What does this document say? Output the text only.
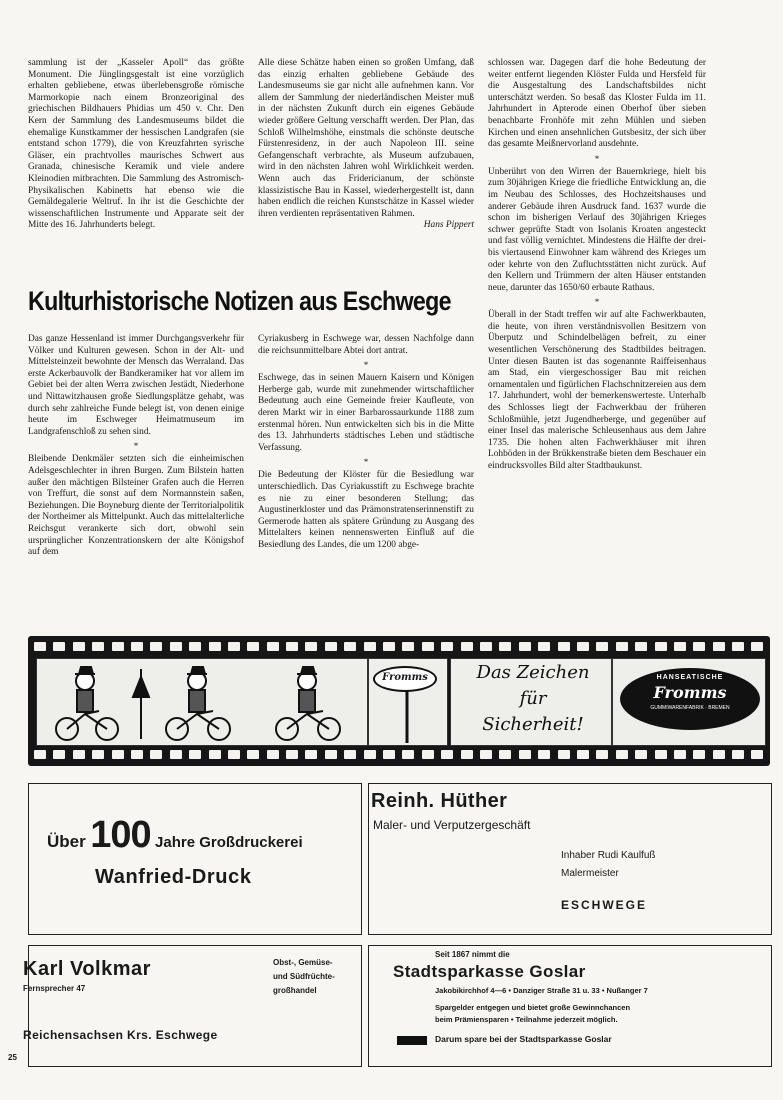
sammlung ist der „Kasseler Apoll“ das größte Monument. Die Jünglingsgestalt ist eine vorzüglich erhalten gebliebene, etwas überlebensgroße römische Marmorkopie nach einem Bronzeoriginal des griechischen Bildhauers Phidias um 450 v. Chr. Den Kern der Sammlung des Landesmuseums bildet die ehemalige Kunstkammer der hessischen Landgrafen (sie entstand schon 1779), die von Kreuzfahrten syrische Gläser, ein prachtvolles maurisches Schwert aus Granada, chinesische Keramik und viele andere Kleinodien mitbrachten. Die Sammlung des Astromisch-Physikalischen Kabinetts hat ebenso wie die Gemäldegalerie Weltruf. In ihr ist die Geschichte der wissenschaftlichen Instrumente und Apparate seit der Mitte des 16. Jahrhunderts belegt.

Alle diese Schätze haben einen so großen Umfang, daß das einzig erhalten gebliebene Gebäude des Landesmuseums sie gar nicht alle aufnehmen kann. Vor allem der Sammlung der niederländischen Meister muß in der nächsten Zukunft durch ein eigenes Gebäude wieder größere Geltung verschafft werden. Der Plan, das Schloß Wilhelmshöhe, einstmals die schönste deutsche Fürstenresidenz, in der auch Napoleon III. seine Gefangenschaft verbrachte, als Museum aufzubauen, wird in den nächsten Jahren wohl Wirklichkeit werden. Wenn auch das Fridericianum, der schönste klassizistische Bau in Kassel, wiederhergestellt ist, dann haben endlich die reichen Kunstschätze in Kassel wieder ihren verdienten repräsentativen Rahmen.

Hans Pippert

Kulturhistorische Notizen aus Eschwege

Das ganze Hessenland ist immer Durchgangsverkehr für Völker und Kulturen gewesen. Schon in der Alt- und Mittelsteinzeit bewohnte der Mensch das Werraland. Das erste Ackerbauvolk der Bandkeramiker hat vor allem im Gebiet bei der alten Werra zwischen Jestädt, Niederhone und Nittawitzhausen große Siedlungsplätze gehabt, was durch sehr zahlreiche Funde belegt ist, von denen einige heute im Eschweger Heimatmuseum im Landgrafenschloß zu sehen sind.

*

Bleibende Denkmäler setzten sich die einheimischen Adelsgeschlechter in ihren Burgen. Zum Bilstein hatten außer den mächtigen Bilsteiner Grafen auch die Herren von Treffurt, die sonst auf dem Normannstein saßen, Beziehungen. Die Boyneburg diente der Territorialpolitik der Northeimer als Mittelpunkt. Auch das mittelalterliche Reichsgut verankerte sich dort, obwohl sein ursprünglicher Konzentrationskern der alte Königshof auf dem

Cyriakusberg in Eschwege war, dessen Nachfolge dann die reichsunmittelbare Abtei dort antrat.

*

Eschwege, das in seinen Mauern Kaisern und Königen Herberge gab, wurde mit zunehmender wirtschaftlicher Bedeutung auch eine Gemeinde freier Kaufleute, von deren Markt wir in einer Barbarossaurkunde 1188 zum erstenmal hören. Nun entwickelten sich bis in die Mitte des 13. Jahrhunderts städtisches Leben und städtische Verfassung.

*

Die Bedeutung der Klöster für die Besiedlung war unterschiedlich. Das Cyriakusstift zu Eschwege brachte es nie zu einer besonderen Stellung; das Augustinerkloster und das Prämonstratenserinnenstift zu Germerode hatten als spätere Gründung zu Ausgang des Mittelalters keinen nennenswerten Einfluß auf die Besiedlung des Landes, die um 1200 abge-

schlossen war. Dagegen darf die hohe Bedeutung der weiter entfernt liegenden Klöster Fulda und Hersfeld für die Ausgestaltung des Landschaftsbildes nicht unterschätzt werden. So besaß das Kloster Fulda im 11. Jahrhundert in Apterode einen Oberhof über sieben benachbarte Fronhöfe mit zehn Mühlen und sieben Kirchen und einen ansehnlichen Gutsbesitz, der sich über das gesamte Meißnervorland ausdehnte.

*

Unberührt von den Wirren der Bauernkriege, hielt bis zum 30jährigen Kriege die friedliche Entwicklung an, die im Neubau des Schlosses, des Hochzeitshauses und anderer Gebäude ihren Ausdruck fand. 1637 wurde die schon im bisherigen Verlauf des 30jährigen Krieges schwer geprüfte Stadt von Isolanis Kroaten angesteckt und fast völlig vernichtet. Mindestens die Hälfte der drei- bis viertausend Einwohner kam während des Krieges um oder kehrte von den Zufluchtsstätten nicht zurück. Auf den Kellern und Trümmern der alten Häuser entstanden neue, darunter das 1650/60 erbaute Rathaus.

*

Überall in der Stadt treffen wir auf alte Fachwerkbauten, die heute, von ihren verständnisvollen Besitzern von Überputz und Schindelbelägen befreit, zu einer wesentlichen Verschönerung des Stadtbildes beitragen. Unter diesen Bauten ist das sogenannte Raiffeisenhaus am Stad, ein viergeschossiger Bau mit reichen ornamentalen und figürlichen Flachschnitzereien aus dem 17. Jahrhundert, wohl der bemerkenswerteste. Unterhalb des Schlosses liegt der Fachwerkbau der früheren Schloßmühle, jetzt Jugendherberge, und gegenüber auf einer Insel das malerische Schleusenhaus aus dem Jahre 1735. Die hohen alten Fachwerkhäuser mit ihren Lohböden in der Brükkenstraße bieten dem Beschauer ein eindrucksvolles Bild alter Stadtbaukunst.

Fromms	Das Zeichen
für
Sicherheit!
HANSEATISCHE
Fromms
GUMMIWARENFABRIK · BREMEN
Über 100 Jahre Großdruckerei
Wanfried-Druck
Reinh. Hüther
Maler- und Verputzergeschäft
Inhaber Rudi Kaulfuß
Malermeister
ESCHWEGE
Karl Volkmar
Fernsprecher 47
Obst-, Gemüse-
und Südfrüchte-
großhandel
Reichensachsen Krs. Eschwege
Seit 1867 nimmt die
Stadtsparkasse Goslar
Jakobikirchhof 4—6 • Danziger Straße 31 u. 33 • Nußanger 7
Spargelder entgegen und bietet große Gewinnchancen
beim Prämiensparen • Teilnahme jederzeit möglich.
Darum spare bei der Stadtsparkasse Goslar
25
